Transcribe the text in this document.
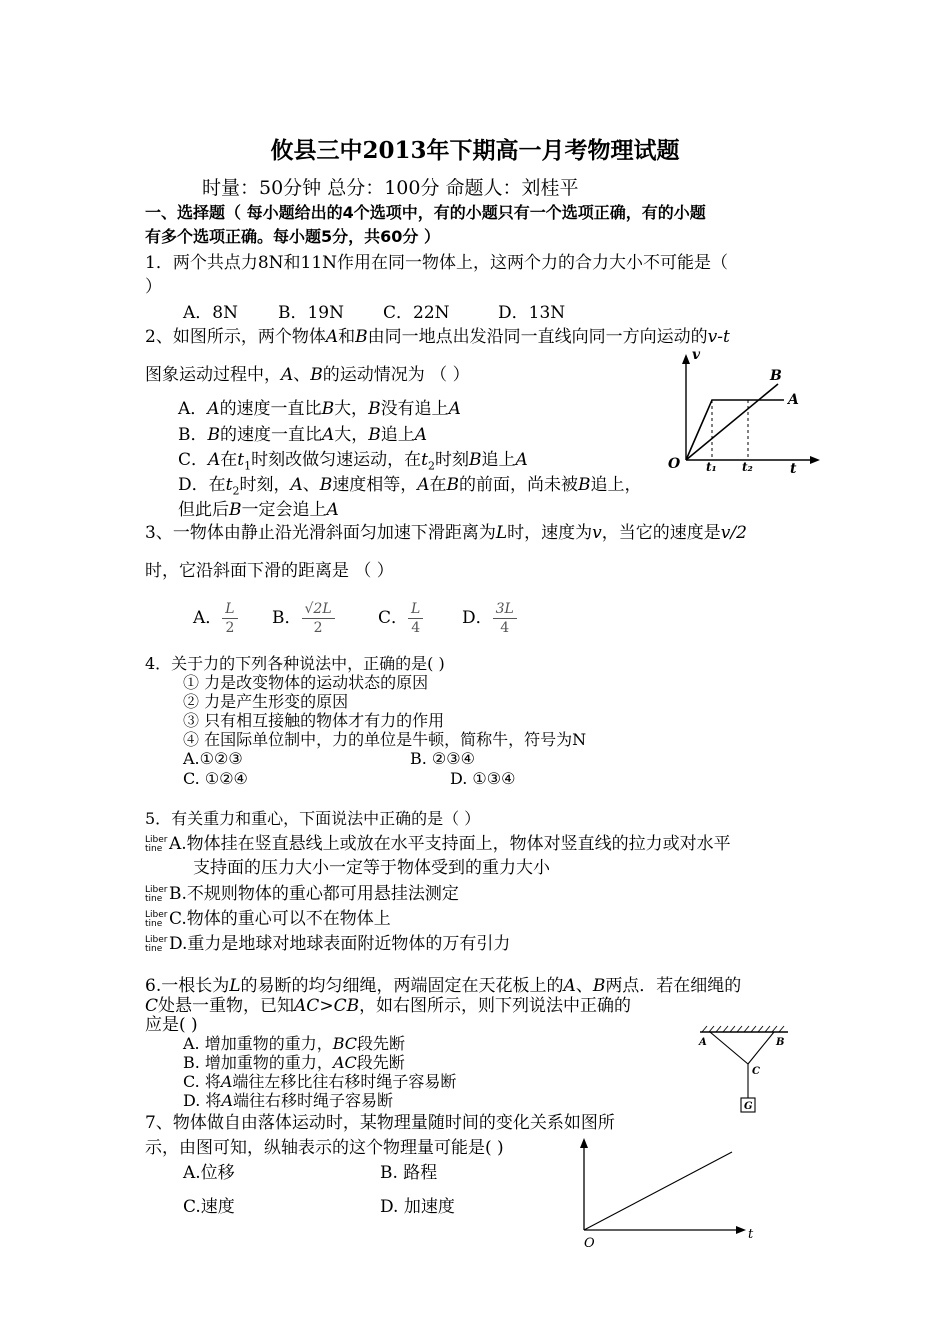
攸县三中2013年下期高一月考物理试题
时量：50分钟 总分：100分 命题人：刘桂平
一、选择题（ 每小题给出的4个选项中，有的小题只有一个选项正确，有的小题
有多个选项正确。每小题5分，共60分 ）
1．两个共点力8N和11N作用在同一物体上，这两个力的合力大小不可能是（
）
A．8N B．19N C．22N	D．13N
2、如图所示，两个物体A和B由同一地点出发沿同一直线向同一方向运动的v-t
图象运动过程中，A、B的运动情况为 （ ）
A．A的速度一直比B大，B没有追上A
B．B的速度一直比A大，B追上A
C．A在$t_1$时刻改做匀速运动，在$t_2$时刻B追上A
D．在$t_2$时刻，A、B速度相等，A在B的前面，尚未被B追上，
但此后B一定会追上A
v
t
O
B
A
t₁ t₂
3、一物体由静止沿光滑斜面匀加速下滑距离为L时，速度为v，当它的速度是v/2
时，它沿斜面下滑的距离是 （ ）
A． $\frac{L}{2}$ B． $\frac{√2L}{2}$	C． $\frac{L}{4}$ D． $\frac{3L}{4}$
4．关于力的下列各种说法中，正确的是( )
① 力是改变物体的运动状态的原因
② 力是产生形变的原因
③ 只有相互接触的物体才有力的作用
④ 在国际单位制中，力的单位是牛顿，简称牛，符号为N
A.①②③	B. ②③④
C. ①②④	D. ①③④
5．有关重力和重心，下面说法中正确的是（ ）
Liber
tine A.物体挂在竖直悬线上或放在水平支持面上，物体对竖直线的拉力或对水平
支持面的压力大小一定等于物体受到的重力大小
Liber
tine B.不规则物体的重心都可用悬挂法测定
Liber
tine C.物体的重心可以不在物体上
Liber
tine D.重力是地球对地球表面附近物体的万有引力
6.一根长为L的易断的均匀细绳，两端固定在天花板上的A、B两点．若在细绳的
C处悬一重物，已知AC>CB，如右图所示，则下列说法中正确的
应是( )
A. 增加重物的重力，BC段先断
B. 增加重物的重力，AC段先断
C. 将A端往左移比往右移时绳子容易断
D. 将A端往右移时绳子容易断
A	B
C
G
7、物体做自由落体运动时，某物理量随时间的变化关系如图所
示，由图可知，纵轴表示的这个物理量可能是( )
A.位移	B. 路程
C.速度	D. 加速度
O
t
